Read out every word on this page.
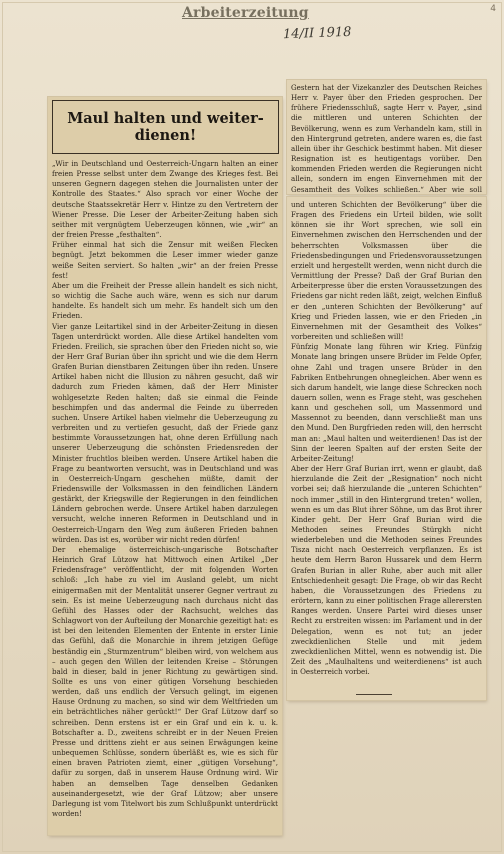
4
Arbeiterzeitung
14/II 1918

„Wir in Deutschland und Oesterreich-Ungarn halten an einer freien Presse selbst unter dem Zwange des Krieges fest. Bei unseren Gegnern dagegen stehen die Journalisten unter der Kontrolle des Staates.“ Also sprach vor einer Woche der deutsche Staatssekretär Herr v. Hintze zu den Vertretern der Wiener Presse. Die Leser der Arbeiter-Zeitung haben sich seither mit vergnügtem Ueberzeugen können, wie „wir“ an der freien Presse „festhalten“.
Früher einmal hat sich die Zensur mit weißen Flecken begnügt. Jetzt bekommen die Leser immer wieder ganze weiße Seiten serviert. So halten „wir“ an der freien Presse fest!
Aber um die Freiheit der Presse allein handelt es sich nicht, so wichtig die Sache auch wäre, wenn es sich nur darum handelte. Es handelt sich um mehr. Es handelt sich um den Frieden.
Vier ganze Leitartikel sind in der Arbeiter-Zeitung in diesen Tagen unterdrückt worden. Alle diese Artikel handelten vom Frieden. Freilich, sie sprachen über den Frieden nicht so, wie der Herr Graf Burian über ihn spricht und wie die dem Herrn Grafen Burian dienstbaren Zeitungen über ihn reden. Unsere Artikel haben nicht die Illusion zu nähren gesucht, daß wir dadurch zum Frieden kämen, daß der Herr Minister wohlgesetzte Reden halten; daß sie einmal die Feinde beschimpfen und das andermal die Feinde zu überreden suchen. Unsere Artikel haben vielmehr die Ueberzeugung zu verbreiten und zu vertiefen gesucht, daß der Friede ganz bestimmte Voraussetzungen hat, ohne deren Erfüllung nach unserer Ueberzeugung die schönsten Friedensreden der Minister fruchtlos bleiben werden. Unsere Artikel haben die Frage zu beantworten versucht, was in Deutschland und was in Oesterreich-Ungarn geschehen müßte, damit der Friedenswille der Volksmassen in den feindlichen Ländern gestärkt, der Kriegswille der Regierungen in den feindlichen Ländern gebrochen werde. Unsere Artikel haben darzulegen versucht, welche inneren Reformen in Deutschland und in Oesterreich-Ungarn den Weg zum äußeren Frieden bahnen würden. Das ist es, worüber wir nicht reden dürfen!
Der ehemalige österreichisch-ungarische Botschafter Heinrich Graf Lützow hat Mittwoch einen Artikel „Der Friedensfrage“ veröffentlicht, der mit folgenden Worten schloß: „Ich habe zu viel im Ausland gelebt, um nicht einigermaßen mit der Mentalität unserer Gegner vertraut zu sein. Es ist meine Ueberzeugung nach durchaus nicht das Gefühl des Hasses oder der Rachsucht, welches das Schlagwort von der Aufteilung der Monarchie gezeitigt hat: es ist bei den leitenden Elementen der Entente in erster Linie das Gefühl, daß die Monarchie in ihrem jetzigen Gefüge beständig ein „Sturmzentrum“ bleiben wird, von welchem aus – auch gegen den Willen der leitenden Kreise – Störungen bald in dieser, bald in jener Richtung zu gewärtigen sind. Sollte es uns von einer gütigen Vorsehung beschieden werden, daß uns endlich der Versuch gelingt, im eigenen Hause Ordnung zu machen, so sind wir dem Weltfrieden um ein beträchtliches näher gerückt!“ Der Graf Lützow darf so schreiben. Denn erstens ist er ein Graf und ein k. u. k. Botschafter a. D., zweitens schreibt er in der Neuen Freien Presse und drittens zieht er aus seinen Erwägungen keine unbequemen Schlüsse, sondern überläßt es, wie es sich für einen braven Patrioten ziemt, einer „gütigen Vorsehung“, dafür zu sorgen, daß in unserem Hause Ordnung wird. Wir haben an demselben Tage denselben Gedanken auseinandergesetzt, wie der Graf Lützow; aber unsere Darlegung ist vom Titelwort bis zum Schlußpunkt unterdrückt worden!

Maul halten und weiter-dienen!

Gestern hat der Vizekanzler des Deutschen Reiches Herr v. Payer über den Frieden gesprochen. Der frühere Friedensschluß, sagte Herr v. Payer, „sind die mittleren und unteren Schichten der Bevölkerung, wenn es zum Verhandeln kam, still in den Hintergrund getreten, andere waren es, die fast allein über ihr Geschick bestimmt haben. Mit dieser Resignation ist es heutigentags vorüber. Den kommenden Frieden werden die Regierungen nicht allein, sondern im engen Einvernehmen mit der Gesamtheit des Volkes schließen.“ Aber wie soll

und unteren Schichten der Bevölkerung“ über die Fragen des Friedens ein Urteil bilden, wie sollt können sie ihr Wort sprechen, wie soll ein Einvernehmen zwischen den Herrschenden und der beherrschten Volksmassen über die Friedensbedingungen und Friedensvoraussetzungen erzielt und hergestellt werden, wenn nicht durch die Vermittlung der Presse? Daß der Graf Burian den Arbeiterpresse über die ersten Voraussetzungen des Friedens gar nicht reden läßt, zeigt, welchen Einfluß er den „unteren Schichten der Bevölkerung“ auf Krieg und Frieden lassen, wie er den Frieden „in Einvernehmen mit der Gesamtheit des Volkes“ vorbereiten und schließen will!
Fünfzig Monate lang führen wir Krieg. Fünfzig Monate lang bringen unsere Brüder im Felde Opfer, ohne Zahl und tragen unsere Brüder in den Fabriken Entbehrungen ohnegleichen. Aber wenn es sich darum handelt, wie lange diese Schrecken noch dauern sollen, wenn es Frage steht, was geschehen kann und geschehen soll, um Massenmord und Massennot zu beenden, dann verschließt man uns den Mund. Den Burgfrieden reden will, den herrscht man an: „Maul halten und weiterdienen! Das ist der Sinn der leeren Spalten auf der ersten Seite der Arbeiter-Zeitung!
Aber der Herr Graf Burian irrt, wenn er glaubt, daß hierzulande die Zeit der „Resignation“ noch nicht vorbei sei; daß hierzulande die „unteren Schichten“ noch immer „still in den Hintergrund treten“ wollen, wenn es um das Blut ihrer Söhne, um das Brot ihrer Kinder geht. Der Herr Graf Burian wird die Methoden seines Freundes Stürgkh nicht wiederbeleben und die Methoden seines Freundes Tisza nicht nach Oesterreich verpflanzen. Es ist heute dem Herrn Baron Hussarek und dem Herrn Grafen Burian in aller Ruhe, aber auch mit aller Entschiedenheit gesagt: Die Frage, ob wir das Recht haben, die Voraussetzungen des Friedens zu erörtern, kann zu einer politischen Frage allerersten Ranges werden. Unsere Partei wird dieses unser Recht zu erstreiten wissen: im Parlament und in der Delegation, wenn es not tut; an jeder zweckdienlichen Stelle und mit jedem zweckdienlichen Mittel, wenn es notwendig ist. Die Zeit des „Maulhaltens und weiterdienens“ ist auch in Oesterreich vorbei.
